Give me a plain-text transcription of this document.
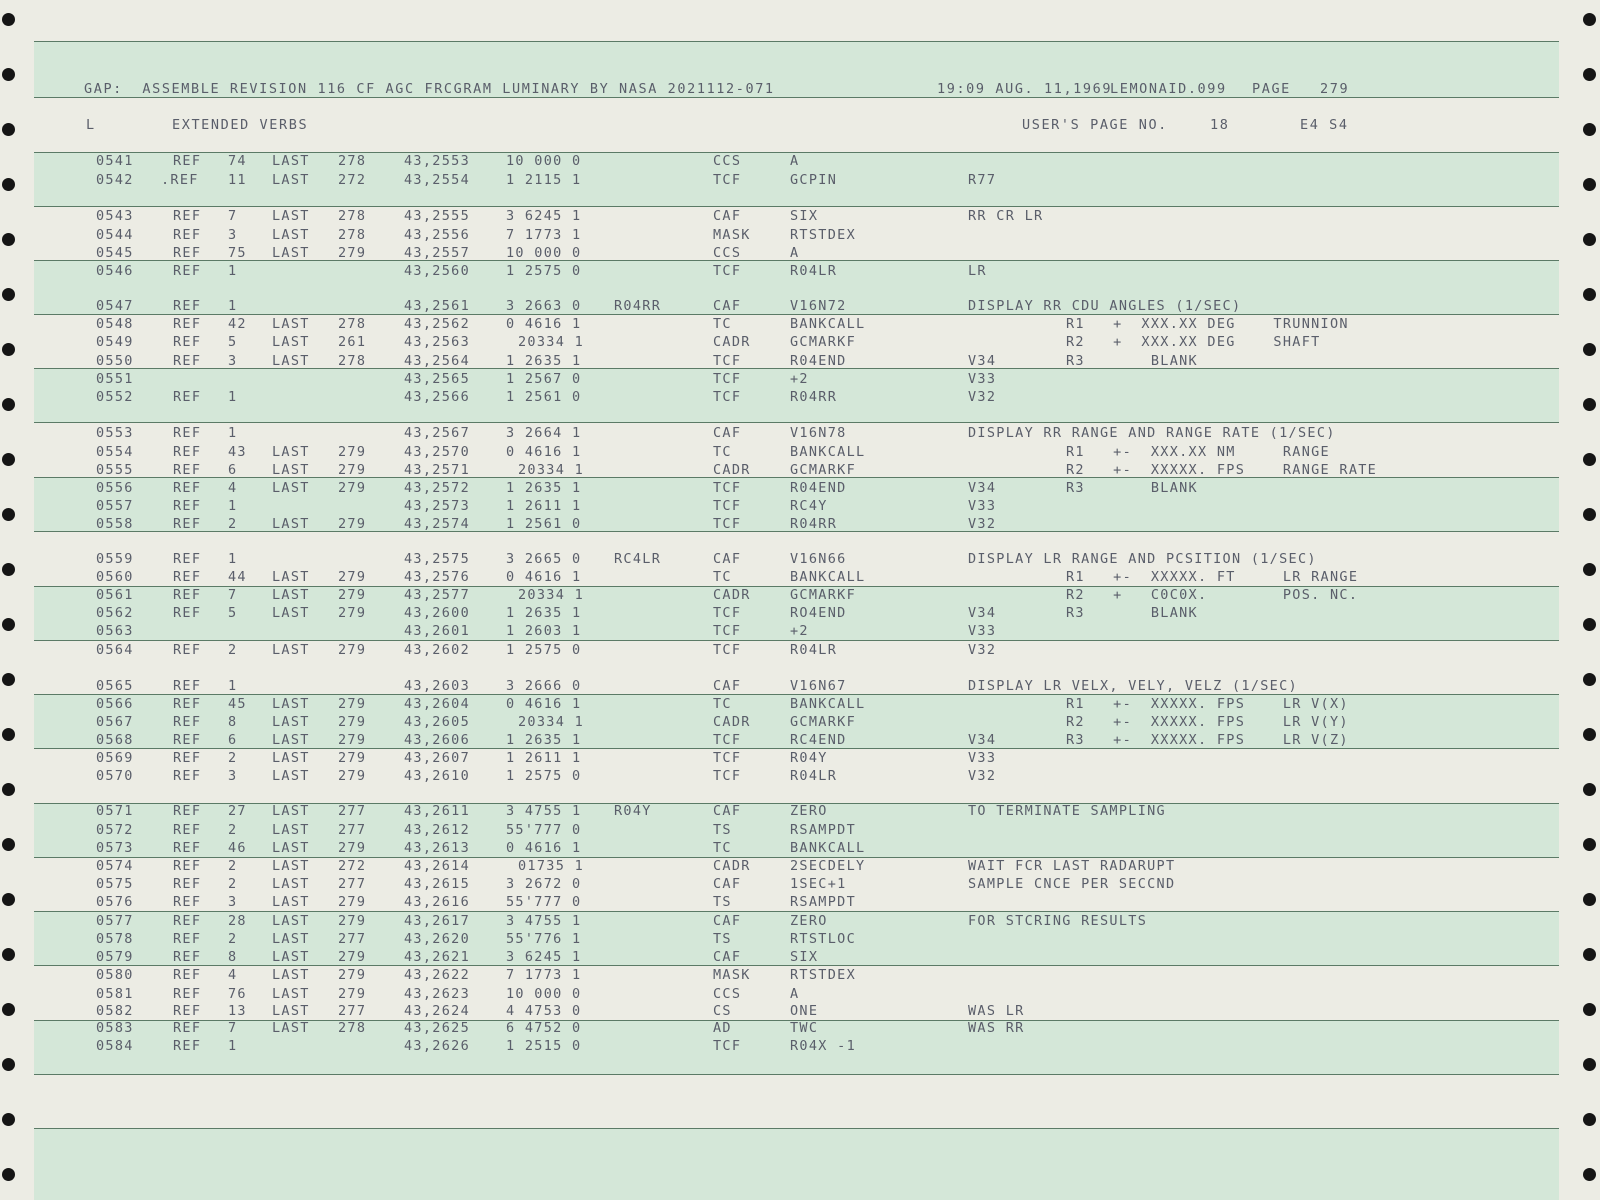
GAP:  ASSEMBLE REVISION 116 CF AGC FRCGRAM LUMINARY BY NASA 2021112-071

	19:09 AUG. 11,1969

LEMONAID.099

PAGE

279

L

	EXTENDED VERBS

	USER'S PAGE NO.

	18

	E4 S4

0541	REF 74 LAST 278	43,2553	10 000 0	CCS	A
0542 .REF 11 LAST 272	43,2554	1 2115 1	TCF	GCPIN	R77
0543	REF 7	LAST 278	43,2555	3 6245 1	CAF	SIX	RR CR LR
0544	REF 3	LAST 278	43,2556	7 1773 1	MASK	RTSTDEX
0545	REF 75 LAST 279	43,2557	10 000 0	CCS	A
0546	REF 1	43,2560	1 2575 0	TCF	R04LR	LR
0547	REF 1	43,2561	3 2663 0 R04RR	CAF	V16N72	DISPLAY RR CDU ANGLES (1/SEC)
0548	REF 42 LAST 278	43,2562	0 4616 1	TC	BANKCALL	R1   +  XXX.XX DEG    TRUNNION
0549	REF 5	LAST 261	43,2563	20334 1	CADR	GCMARKF	R2   +  XXX.XX DEG    SHAFT
0550	REF 3	LAST 278	43,2564	1 2635 1	TCF	R04END	V34	R3       BLANK
0551	43,2565	1 2567 0	TCF	+2	V33
0552	REF 1	43,2566	1 2561 0	TCF	R04RR	V32
0553	REF 1	43,2567	3 2664 1	CAF	V16N78	DISPLAY RR RANGE AND RANGE RATE (1/SEC)
0554	REF 43 LAST 279	43,2570	0 4616 1	TC	BANKCALL	R1   +-  XXX.XX NM     RANGE
0555	REF 6	LAST 279	43,2571	20334 1	CADR	GCMARKF	R2   +-  XXXXX. FPS    RANGE RATE
0556	REF 4	LAST 279	43,2572	1 2635 1	TCF	R04END	V34	R3       BLANK
0557	REF 1	43,2573	1 2611 1	TCF	RC4Y	V33
0558	REF 2	LAST 279	43,2574	1 2561 0	TCF	R04RR	V32
0559	REF 1	43,2575	3 2665 0 RC4LR	CAF	V16N66	DISPLAY LR RANGE AND PCSITION (1/SEC)
0560	REF 44 LAST 279	43,2576	0 4616 1	TC	BANKCALL	R1   +-  XXXXX. FT     LR RANGE
0561	REF 7	LAST 279	43,2577	20334 1	CADR	GCMARKF	R2   +   C0C0X.        POS. NC.
0562	REF 5	LAST 279	43,2600	1 2635 1	TCF	RO4END	V34	R3       BLANK
0563	43,2601	1 2603 1	TCF	+2	V33
0564	REF 2	LAST 279	43,2602	1 2575 0	TCF	R04LR	V32
0565	REF 1	43,2603	3 2666 0	CAF	V16N67	DISPLAY LR VELX, VELY, VELZ (1/SEC)
0566	REF 45 LAST 279	43,2604	0 4616 1	TC	BANKCALL	R1   +-  XXXXX. FPS    LR V(X)
0567	REF 8	LAST 279	43,2605	20334 1	CADR	GCMARKF	R2   +-  XXXXX. FPS    LR V(Y)
0568	REF 6	LAST 279	43,2606	1 2635 1	TCF	RC4END	V34	R3   +-  XXXXX. FPS    LR V(Z)
0569	REF 2	LAST 279	43,2607	1 2611 1	TCF	R04Y	V33
0570	REF 3	LAST 279	43,2610	1 2575 0	TCF	R04LR	V32
0571	REF 27 LAST 277	43,2611	3 4755 1 R04Y	CAF	ZERO	TO TERMINATE SAMPLING
0572	REF 2	LAST 277	43,2612	55'777 0	TS	RSAMPDT
0573	REF 46 LAST 279	43,2613	0 4616 1	TC	BANKCALL
0574	REF 2	LAST 272	43,2614	01735 1	CADR	2SECDELY	WAIT FCR LAST RADARUPT
0575	REF 2	LAST 277	43,2615	3 2672 0	CAF	1SEC+1	SAMPLE CNCE PER SECCND
0576	REF 3	LAST 279	43,2616	55'777 0	TS	RSAMPDT
0577	REF 28 LAST 279	43,2617	3 4755 1	CAF	ZERO	FOR STCRING RESULTS
0578	REF 2	LAST 277	43,2620	55'776 1	TS	RTSTLOC
0579	REF 8	LAST 279	43,2621	3 6245 1	CAF	SIX
0580	REF 4	LAST 279	43,2622	7 1773 1	MASK	RTSTDEX
0581	REF 76 LAST 279	43,2623	10 000 0	CCS	A
0582	REF 13 LAST 277	43,2624	4 4753 0	CS	ONE	WAS LR
0583	REF 7	LAST 278	43,2625	6 4752 0	AD	TWC	WAS RR
0584	REF 1	43,2626	1 2515 0	TCF	R04X -1
